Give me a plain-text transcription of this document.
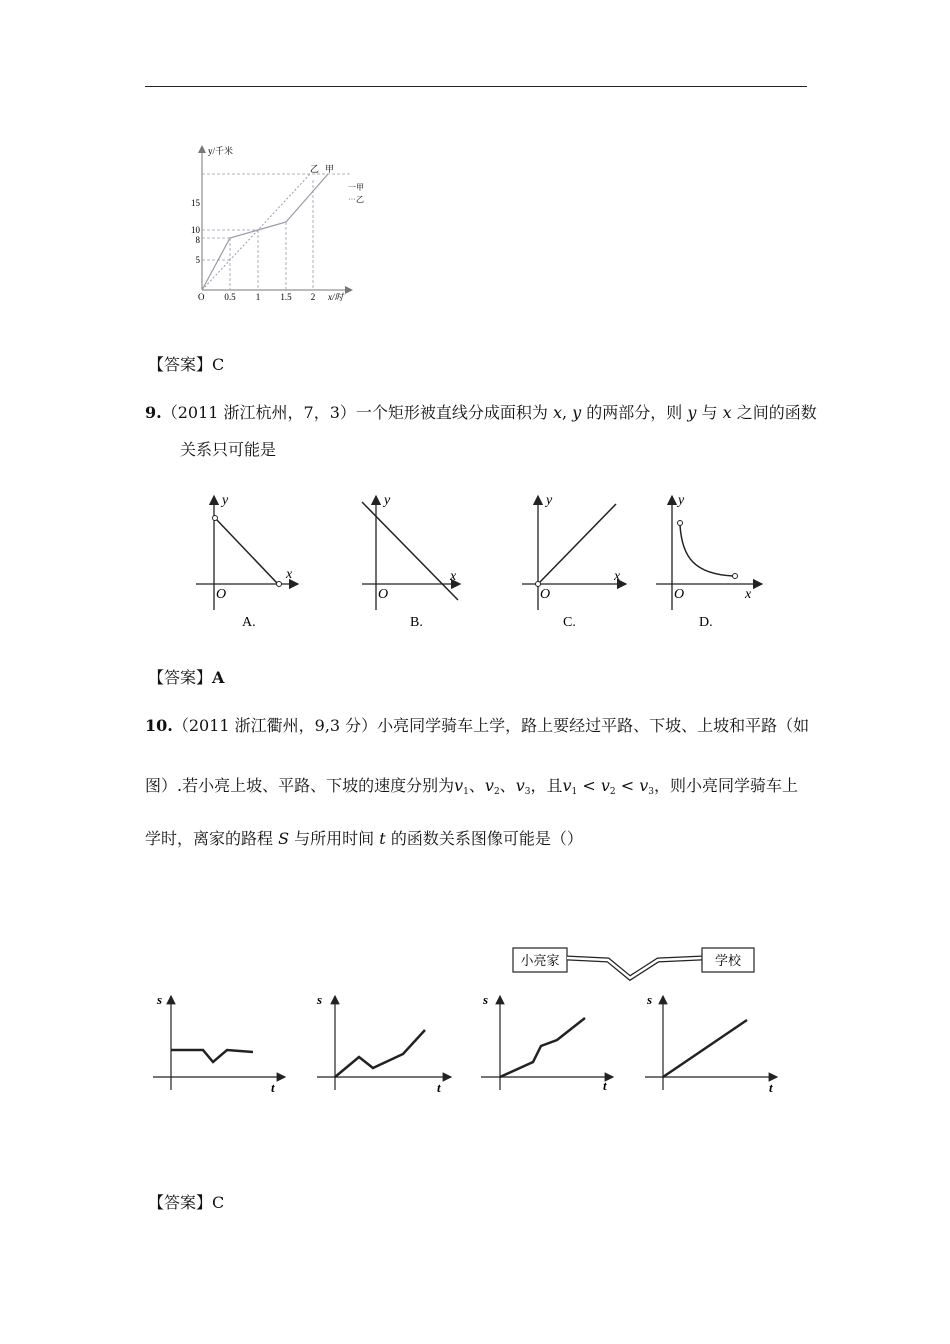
y/千米
x/时
O
15
10
8
5
0.5 1 1.5 2
乙 甲
一甲
⋯乙
【答案】C
9.（2011 浙江杭州，7，3）一个矩形被直线分成面积为 x, y 的两部分，则 y 与 x 之间的函数
关系只可能是
y
x
O
A.
y
x
O
B.
y
x
O
C.
y
x
O
D.
【答案】A
10.（2011 浙江衢州，9,3 分）小亮同学骑车上学，路上要经过平路、下坡、上坡和平路（如
图）.若小亮上坡、平路、下坡的速度分别为$v_1$、$v_2$、$v_3$，且$v_1 < v_2 < v_3$，则小亮同学骑车上
学时，离家的路程 S 与所用时间 t 的函数关系图像可能是（）
小亮家	学校
s
t
s
t
s
t
s
t
【答案】C
